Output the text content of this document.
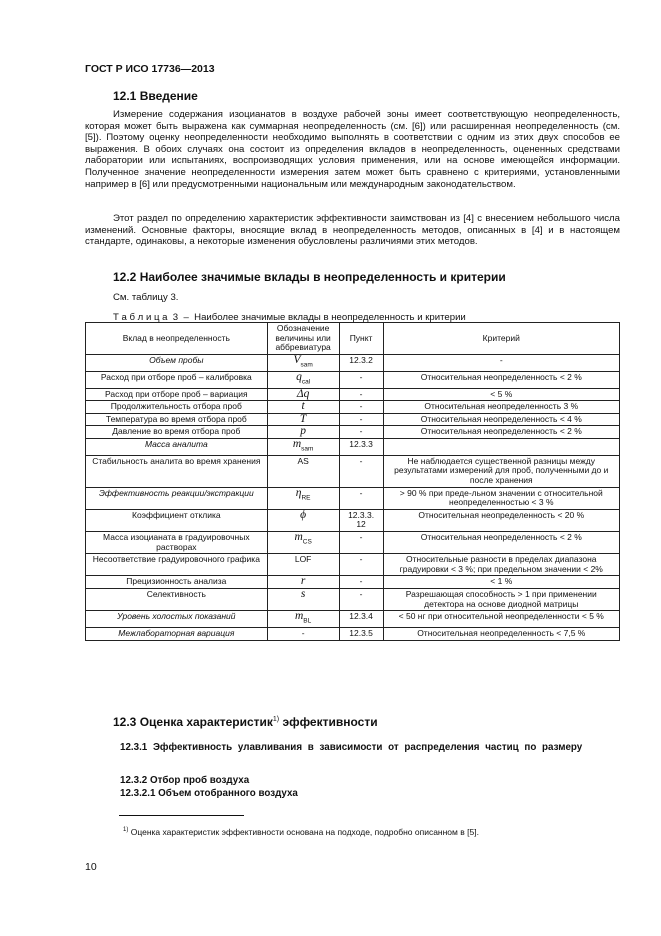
ГОСТ Р ИСО 17736—2013
12.1 Введение

Измерение содержания изоцианатов в воздухе рабочей зоны имеет соответствующую неопределенность, которая может быть выражена как суммарная неопределенность (см. [6]) или расширенная неопределенность (см. [5]). Поэтому оценку неопределенности необходимо выполнять в соответствии с одним из этих двух способов ее выражения. В обоих случаях она состоит из определения вкладов в неопределенность, оцененных средствами лаборатории или испытаниях, воспроизводящих условия применения, или на основе имеющейся информации. Полученное значение неопределенности измерения затем может быть сравнено с критериями, установленными например в [6] или предусмотренными национальным или международным законодательством.

Этот раздел по определению характеристик эффективности заимствован из [4] с внесением небольшого числа изменений. Основные факторы, вносящие вклад в неопределенность методов, описанных в [4] и в настоящем стандарте, одинаковы, а некоторые изменения обусловлены различиями этих методов.

12.2 Наиболее значимые вклады в неопределенность и критерии
См. таблицу 3.
Т а б л и ц а  3  –  Наиболее значимые вклады в неопределенность и критерии
Вклад в неопределенность	Обозначение величины или аббревиатура	Пункт	Критерий
Объем пробы	$V_{sam}$	12.3.2	-
Расход при отборе проб – калибровка	$q_{cal}$	-	Относительная неопределенность < 2 %
Расход при отборе проб – вариация	Δq	-	< 5 %
Продолжительность отбора проб	t	-	Относительная неопределенность 3 %
Температура во время отбора проб	T	-	Относительная неопределенность < 4 %
Давление во время отбора проб	p	-	Относительная неопределенность < 2 %
Масса аналита	$m_{sam}$	12.3.3	
Стабильность аналита во время хранения	AS	-	Не наблюдается существенной разницы между результатами измерений для проб, полученными до и после хранения
Эффективность реакции/экстракции	$\eta_{RE}$	-	> 90 % при преде-льном значении с относительной неопределенностью < 3 %
Коэффициент отклика	ϕ	12.3.3. 12	Относительная неопределенность < 20 %
Масса изоцианата в градуировочных растворах	$m_{CS}$	-	Относительная неопределенность < 2 %
Несоответствие градуировочного графика	LOF	-	Относительные разности в пределах диапазона градуировки < 3 %; при предельном значении < 2%
Прецизионность анализа	r	-	< 1 %
Селективность	s	-	Разрешающая способность > 1 при применении детектора на основе диодной матрицы
Уровень холостых показаний	$m_{BL}$	12.3.4	< 50 нг при относительной неопределенности < 5 %
Межлабораторная вариация	-	12.3.5	Относительная неопределенность < 7,5 %
12.3 Оценка характеристик$^{1)}$ эффективности
12.3.1 Эффективность улавливания в зависимости от распределения частиц по размеру
12.3.2 Отбор проб воздуха
12.3.2.1 Объем отобранного воздуха
$^{1)}$ Оценка характеристик эффективности основана на подходе, подробно описанном в [5].
10
